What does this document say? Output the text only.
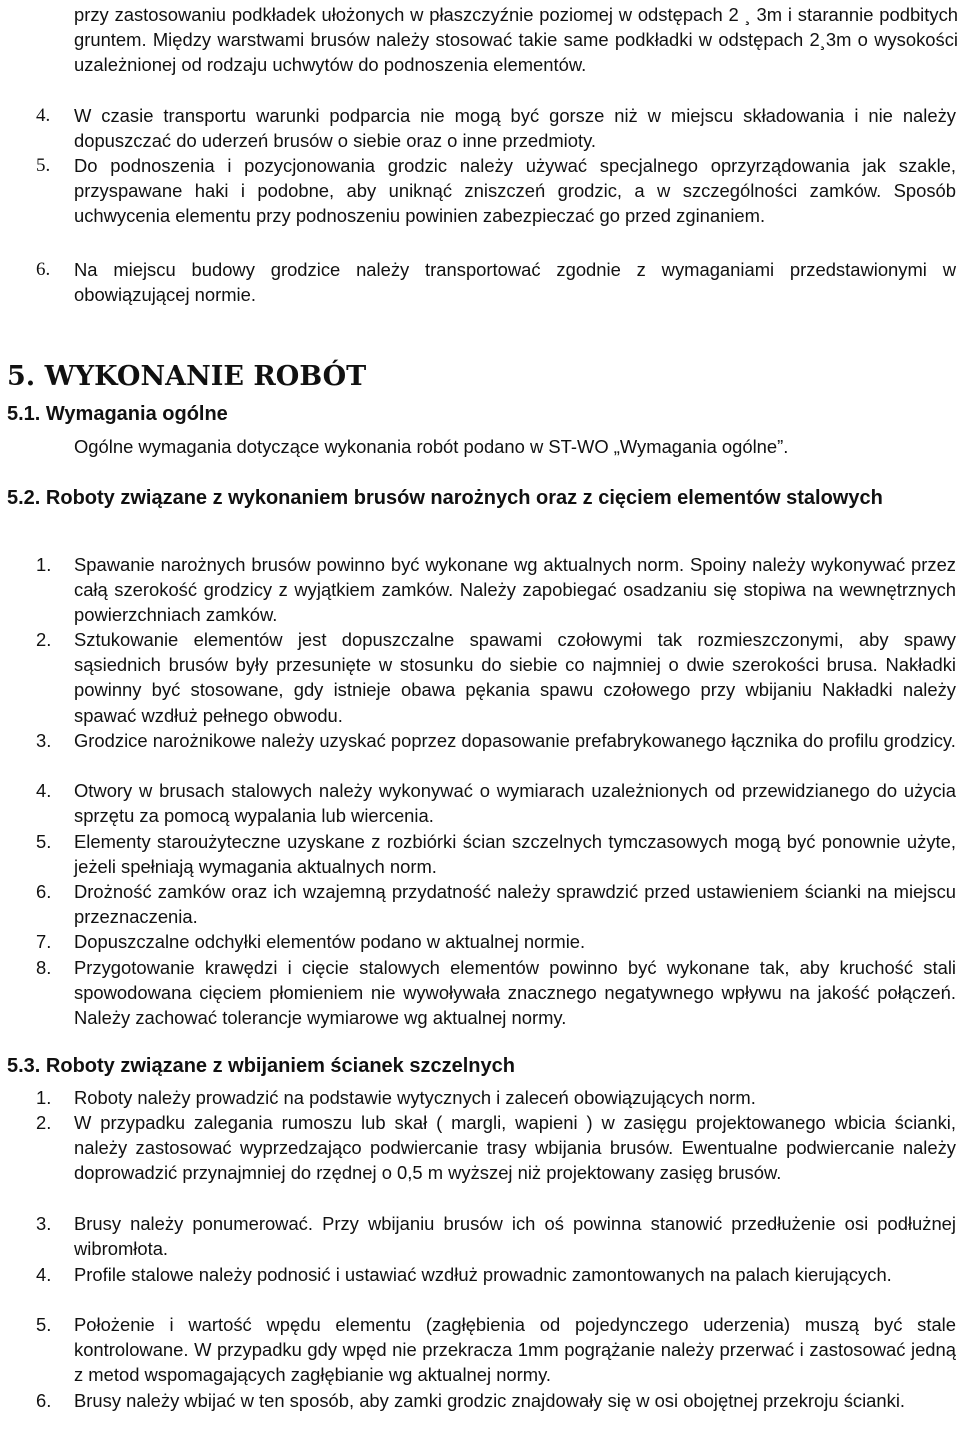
przy zastosowaniu podkładek ułożonych w płaszczyźnie poziomej w odstępach 2 ¸ 3m i starannie podbitych gruntem. Między warstwami brusów należy stosować takie same podkładki w odstępach 2¸3m o wysokości uzależnionej od rodzaju uchwytów do podnoszenia elementów.
4.	W czasie transportu warunki podparcia nie mogą być gorsze niż w miejscu składowania i nie należy dopuszczać do uderzeń brusów o siebie oraz o inne przedmioty.
5.	Do podnoszenia i pozycjonowania grodzic należy używać specjalnego oprzyrządowania jak szakle, przyspawane haki i podobne, aby uniknąć zniszczeń grodzic, a w szczególności zamków. Sposób uchwycenia elementu przy podnoszeniu powinien zabezpieczać go przed zginaniem.
6.	Na miejscu budowy grodzice należy transportować zgodnie z wymaganiami przedstawionymi w obowiązującej normie.
5. WYKONANIE ROBÓT
5.1. Wymagania ogólne
Ogólne wymagania dotyczące wykonania robót podano w ST-WO „Wymagania ogólne”.
5.2. Roboty związane z wykonaniem brusów narożnych oraz z cięciem elementów stalowych
1.	Spawanie narożnych brusów powinno być wykonane wg aktualnych norm. Spoiny należy wykonywać przez całą szerokość grodzicy z wyjątkiem zamków. Należy zapobiegać osadzaniu się stopiwa na wewnętrznych powierzchniach zamków.
2.	Sztukowanie elementów jest dopuszczalne spawami czołowymi tak rozmieszczonymi, aby spawy sąsiednich brusów były przesunięte w stosunku do siebie co najmniej o dwie szerokości brusa. Nakładki powinny być stosowane, gdy istnieje obawa pękania spawu czołowego przy wbijaniu Nakładki należy spawać wzdłuż pełnego obwodu.
3.	Grodzice narożnikowe należy uzyskać poprzez dopasowanie prefabrykowanego łącznika do profilu grodzicy.
4.	Otwory w brusach stalowych należy wykonywać o wymiarach uzależnionych od przewidzianego do użycia sprzętu za pomocą wypalania lub wiercenia.
5.	Elementy staroużyteczne uzyskane z rozbiórki ścian szczelnych tymczasowych mogą być ponownie użyte, jeżeli spełniają wymagania aktualnych norm.
6.	Drożność zamków oraz ich wzajemną przydatność należy sprawdzić przed ustawieniem ścianki na miejscu przeznaczenia.
7.	Dopuszczalne odchyłki elementów podano w aktualnej normie.
8.	Przygotowanie krawędzi i cięcie stalowych elementów powinno być wykonane tak, aby kruchość stali spowodowana cięciem płomieniem nie wywoływała znacznego negatywnego wpływu na jakość połączeń. Należy zachować tolerancje wymiarowe wg aktualnej normy.
5.3. Roboty związane z wbijaniem ścianek szczelnych
1.	Roboty należy prowadzić na podstawie wytycznych i zaleceń obowiązujących norm.
2.	W przypadku zalegania rumoszu lub skał ( margli, wapieni ) w zasięgu projektowanego wbicia ścianki, należy zastosować wyprzedzająco podwiercanie trasy wbijania brusów. Ewentualne podwiercanie należy doprowadzić przynajmniej do rzędnej o 0,5 m wyższej niż projektowany zasięg brusów.
3.	Brusy należy ponumerować. Przy wbijaniu brusów ich oś powinna stanowić przedłużenie osi podłużnej wibromłota.
4.	Profile stalowe należy podnosić i ustawiać wzdłuż prowadnic zamontowanych na palach kierujących.
5.	Położenie i wartość wpędu elementu (zagłębienia od pojedynczego uderzenia) muszą być stale kontrolowane. W przypadku gdy wpęd nie przekracza 1mm pogrążanie należy przerwać i zastosować jedną z metod wspomagających zagłębianie wg aktualnej normy.
6.	Brusy należy wbijać w ten sposób, aby zamki grodzic znajdowały się w osi obojętnej przekroju ścianki.
